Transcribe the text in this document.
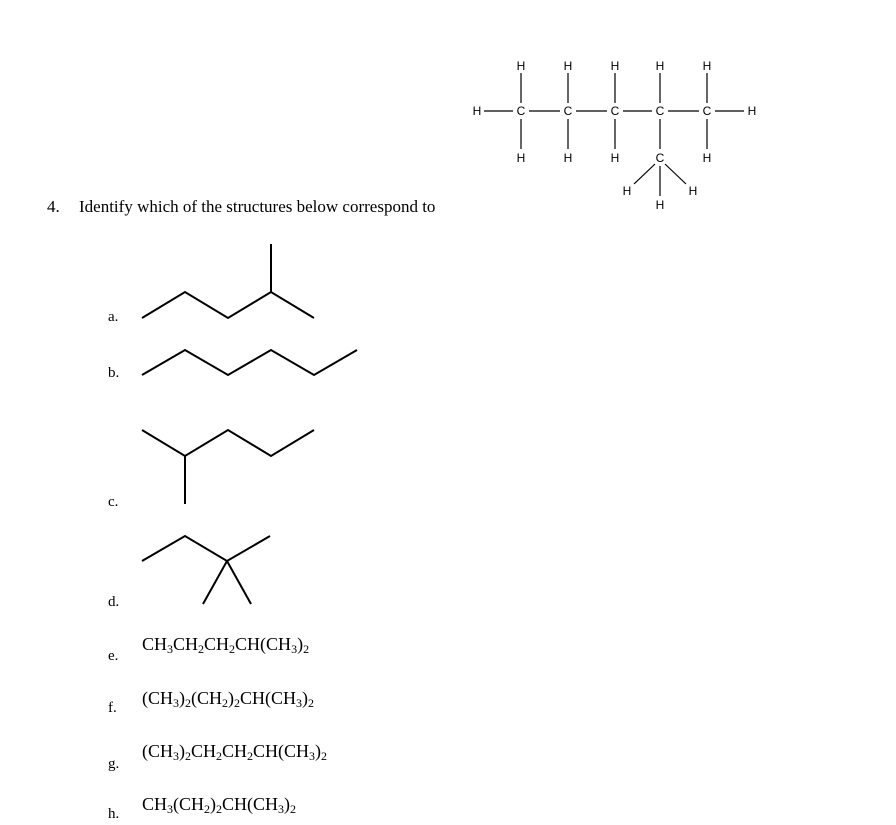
H	H	H	H	H
H	C	C	C	C	C	H
H	H	H	C	H
H	H
H
4. Identify which of the structures below correspond to
a.
b.
c.
d.
e.
f.
g.
h.
$CH_3CH_2CH_2CH(CH_3)_2$
$(CH_3)_2(CH_2)_2CH(CH_3)_2$
$(CH_3)_2CH_2CH_2CH(CH_3)_2$
$CH_3(CH_2)_2CH(CH_3)_2$
